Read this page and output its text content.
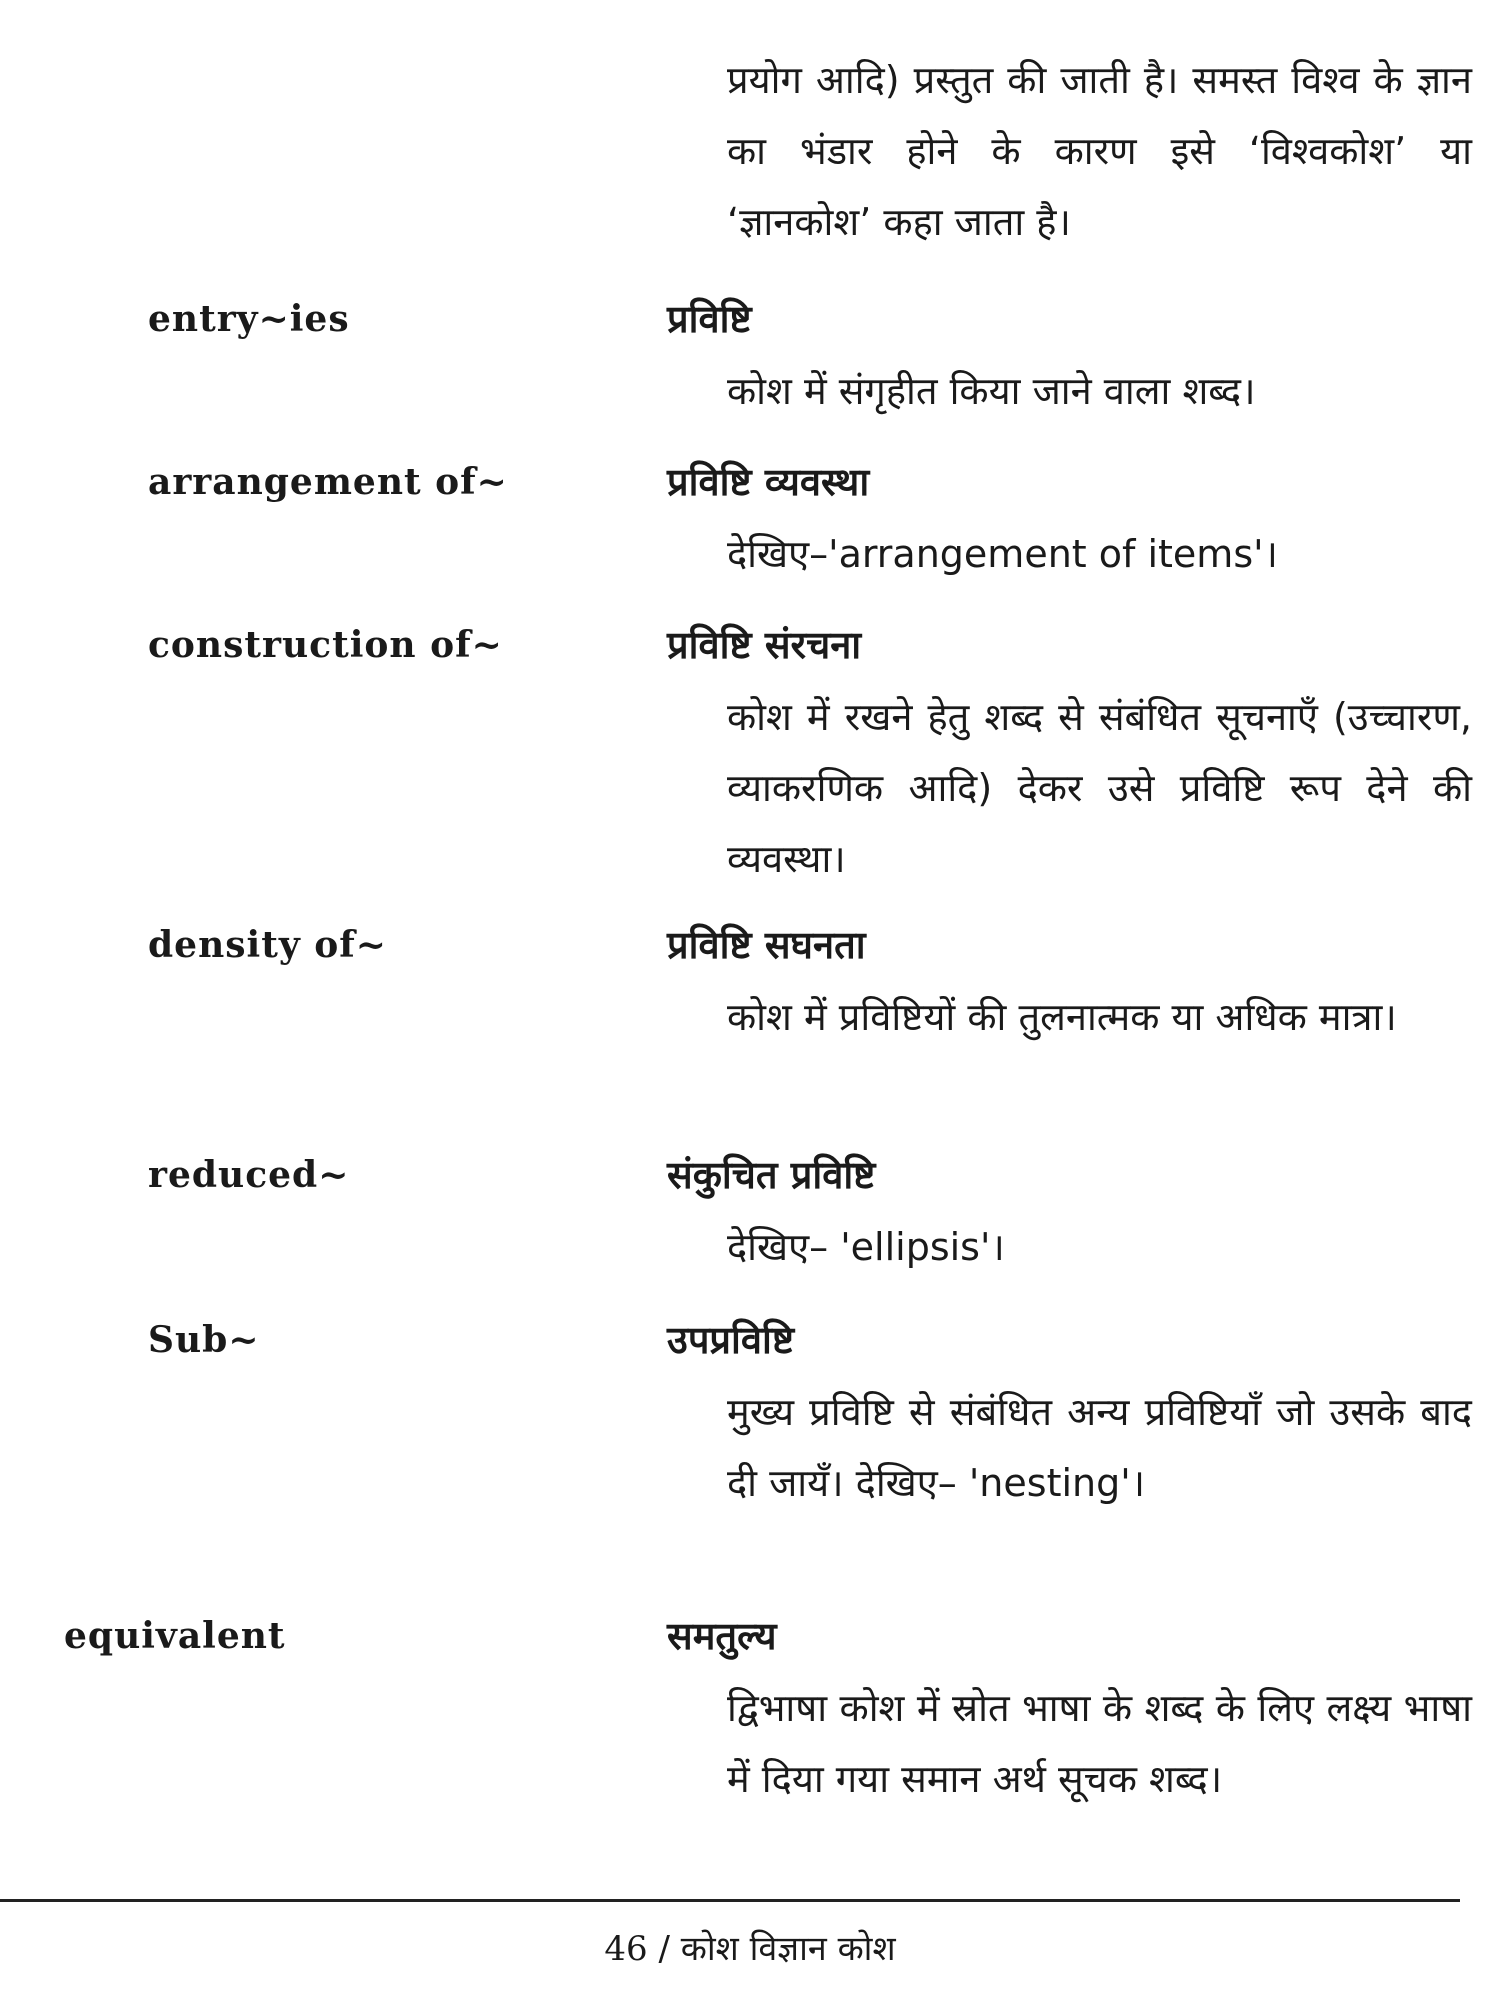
प्रयोग आदि) प्रस्तुत की जाती है। समस्त विश्व के ज्ञान का भंडार होने के कारण इसे ‘विश्वकोश’ या ‘ज्ञानकोश’ कहा जाता है।
entry~ies	प्रविष्टि
कोश में संगृहीत किया जाने वाला शब्द।
arrangement of~	प्रविष्टि व्यवस्था
देखिए–'arrangement of items'।
construction of~	प्रविष्टि संरचना
कोश में रखने हेतु शब्द से संबंधित सूचनाएँ (उच्चारण, व्याकरणिक आदि) देकर उसे प्रविष्टि रूप देने की व्यवस्था।
density of~	प्रविष्टि सघनता
कोश में प्रविष्टियों की तुलनात्मक या अधिक मात्रा।
reduced~	संकुचित प्रविष्टि
देखिए– 'ellipsis'।
Sub~	उपप्रविष्टि
मुख्य प्रविष्टि से संबंधित अन्य प्रविष्टियाँ जो उसके बाद दी जायँ। देखिए– 'nesting'।
equivalent	समतुल्य
द्विभाषा कोश में स्रोत भाषा के शब्द के लिए लक्ष्य भाषा में दिया गया समान अर्थ सूचक शब्द।
46 / कोश विज्ञान कोश
